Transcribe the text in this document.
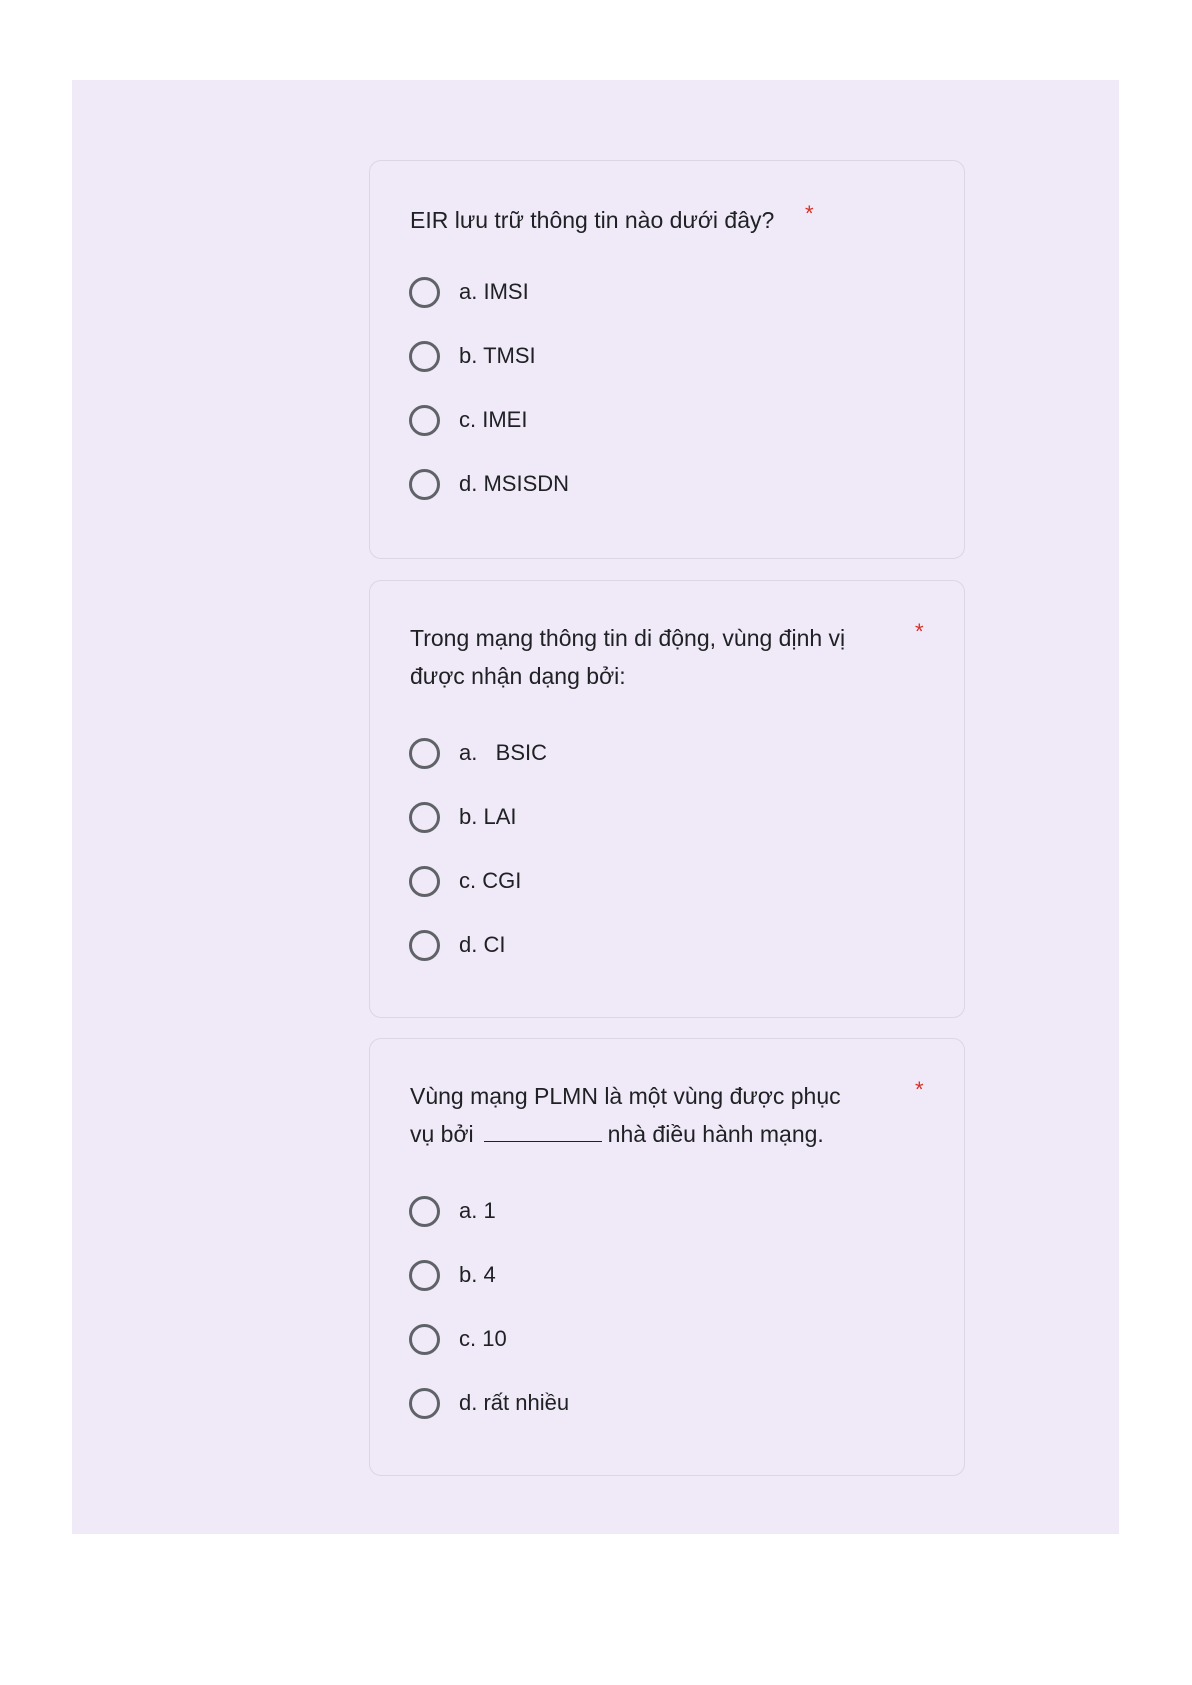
EIR lưu trữ thông tin nào dưới đây?	*
a. IMSI
b. TMSI
c. IMEI
d. MSISDN
Trong mạng thông tin di động, vùng định vị
được nhận dạng bởi:
*
a.   BSIC
b. LAI
c. CGI
d. CI
Vùng mạng PLMN là một vùng được phục
vụ bởi	nhà điều hành mạng.
*
a. 1
b. 4
c. 10
d. rất nhiều
